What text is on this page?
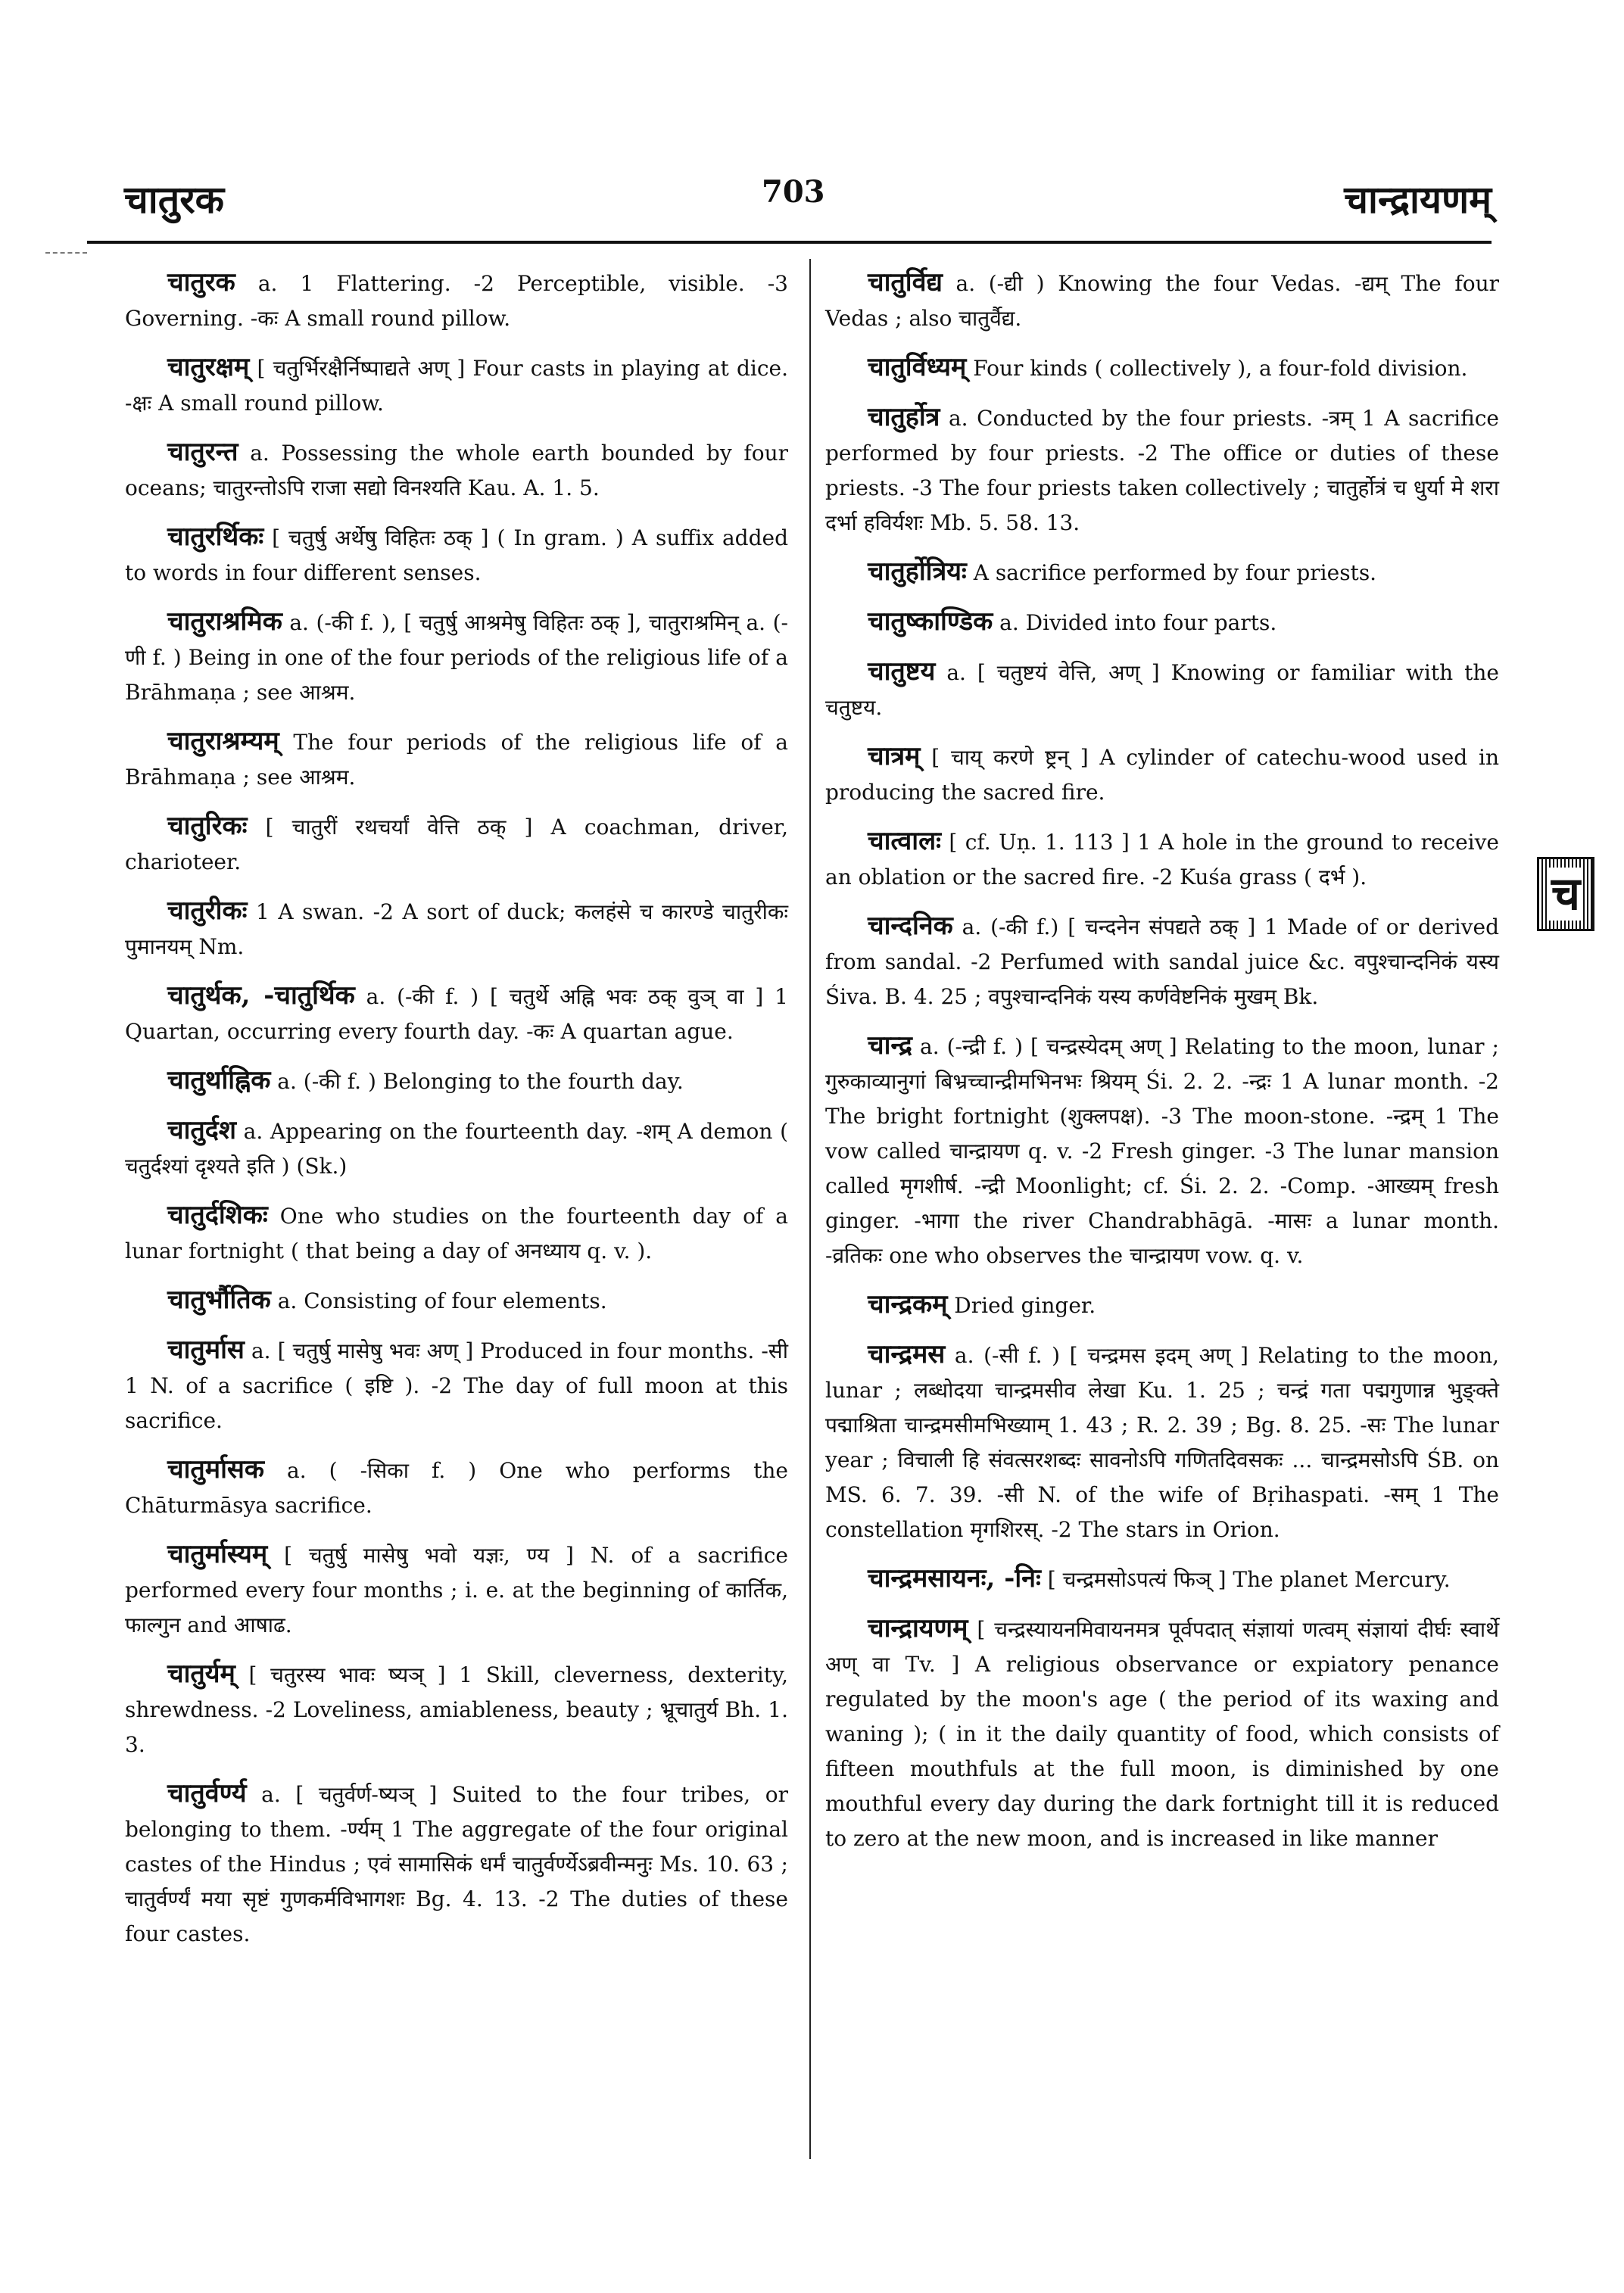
चातुरक	703	चान्द्रायणम्

चातुरक a. 1 Flattering. -2 Perceptible, visible. -3 Governing. -कः A small round pillow.

चातुरक्षम् [ चतुर्भिरक्षैर्निष्पाद्यते अण् ] Four casts in playing at dice. -क्षः A small round pillow.

चातुरन्त a. Possessing the whole earth bounded by four oceans; चातुरन्तोऽपि राजा सद्यो विनश्यति Kau. A. 1. 5.

चातुरर्थिकः [ चतुर्षु अर्थेषु विहितः ठक् ] ( In gram. ) A suffix added to words in four different senses.

चातुराश्रमिक a. (-की f. ), [ चतुर्षु आश्रमेषु विहितः ठक् ], चातुराश्रमिन् a. (-णी f. ) Being in one of the four periods of the religious life of a Brāhmaṇa ; see आश्रम.

चातुराश्रम्यम् The four periods of the religious life of a Brāhmaṇa ; see आश्रम.

चातुरिकः [ चातुरीं रथचर्यां वेत्ति ठक् ] A coachman, driver, charioteer.

चातुरीकः 1 A swan. -2 A sort of duck; कलहंसे च कारण्डे चातुरीकः पुमानयम् Nm.

चातुर्थक, -चातुर्थिक a. (-की f. ) [ चतुर्थे अह्नि भवः ठक् वुञ् वा ] 1 Quartan, occurring every fourth day. -कः A quartan ague.

चातुर्थाह्निक a. (-की f. ) Belonging to the fourth day.

चातुर्दश a. Appearing on the fourteenth day. -शम् A demon ( चतुर्दश्यां दृश्यते इति ) (Sk.)

चातुर्दशिकः One who studies on the fourteenth day of a lunar fortnight ( that being a day of अनध्याय q. v. ).

चातुर्भौतिक a. Consisting of four elements.

चातुर्मास a. [ चतुर्षु मासेषु भवः अण् ] Produced in four months. -सी 1 N. of a sacrifice ( इष्टि ). -2 The day of full moon at this sacrifice.

चातुर्मासक a. ( -सिका f. ) One who performs the Chāturmāsya sacrifice.

चातुर्मास्यम् [ चतुर्षु मासेषु भवो यज्ञः, ण्य ] N. of a sacrifice performed every four months ; i. e. at the beginning of कार्तिक, फाल्गुन and आषाढ.

चातुर्यम् [ चतुरस्य भावः ष्यञ् ] 1 Skill, cleverness, dexterity, shrewdness. -2 Loveliness, amiableness, beauty ; भ्रूचातुर्य Bh. 1. 3.

चातुर्वर्ण्य a. [ चतुर्वर्ण-ष्यञ् ] Suited to the four tribes, or belonging to them. -र्ण्यम् 1 The aggregate of the four original castes of the Hindus ; एवं सामासिकं धर्मं चातुर्वर्ण्येऽब्रवीन्मनुः Ms. 10. 63 ; चातुर्वर्ण्यं मया सृष्टं गुणकर्मविभागशः Bg. 4. 13. -2 The duties of these four castes.

चातुर्विद्य a. (-द्यी ) Knowing the four Vedas. -द्यम् The four Vedas ; also चातुर्वैद्य.

चातुर्विध्यम् Four kinds ( collectively ), a four-fold division.

चातुर्होत्र a. Conducted by the four priests. -त्रम् 1 A sacrifice performed by four priests. -2 The office or duties of these priests. -3 The four priests taken collectively ; चातुर्होत्रं च धुर्या मे शरा दर्भा हविर्यशः Mb. 5. 58. 13.

चातुर्होत्रियः A sacrifice performed by four priests.

चातुष्काण्डिक a. Divided into four parts.

चातुष्टय a. [ चतुष्टयं वेत्ति, अण् ] Knowing or familiar with the चतुष्टय.

चात्रम् [ चाय् करणे ष्ट्रन् ] A cylinder of catechu-wood used in producing the sacred fire.

चात्वालः [ cf. Uṇ. 1. 113 ] 1 A hole in the ground to receive an oblation or the sacred fire. -2 Kuśa grass ( दर्भ ).

चान्दनिक a. (-की f.) [ चन्दनेन संपद्यते ठक् ] 1 Made of or derived from sandal. -2 Perfumed with sandal juice &c. वपुश्चान्दनिकं यस्य Śiva. B. 4. 25 ; वपुश्चान्दनिकं यस्य कर्णवेष्टनिकं मुखम् Bk.

चान्द्र a. (-न्द्री f. ) [ चन्द्रस्येदम् अण् ] Relating to the moon, lunar ; गुरुकाव्यानुगां बिभ्रच्चान्द्रीमभिनभः श्रियम् Śi. 2. 2. -न्द्रः 1 A lunar month. -2 The bright fortnight (शुक्लपक्ष). -3 The moon-stone. -न्द्रम् 1 The vow called चान्द्रायण q. v. -2 Fresh ginger. -3 The lunar mansion called मृगशीर्ष. -न्द्री Moonlight; cf. Śi. 2. 2. -Comp. -आख्यम् fresh ginger. -भागा the river Chandrabhāgā. -मासः a lunar month. -व्रतिकः one who observes the चान्द्रायण vow. q. v.

चान्द्रकम् Dried ginger.

चान्द्रमस a. (-सी f. ) [ चन्द्रमस इदम् अण् ] Relating to the moon, lunar ; लब्धोदया चान्द्रमसीव लेखा Ku. 1. 25 ; चन्द्रं गता पद्मगुणान्न भुङ्क्ते पद्माश्रिता चान्द्रमसीमभिख्याम् 1. 43 ; R. 2. 39 ; Bg. 8. 25. -सः The lunar year ; विचाली हि संवत्सरशब्दः सावनोऽपि गणितदिवसकः ... चान्द्रमसोऽपि ŚB. on MS. 6. 7. 39. -सी N. of the wife of Bṛihaspati. -सम् 1 The constellation मृगशिरस्. -2 The stars in Orion.

चान्द्रमसायनः, -निः [ चन्द्रमसोऽपत्यं फिञ् ] The planet Mercury.

चान्द्रायणम् [ चन्द्रस्यायनमिवायनमत्र पूर्वपदात् संज्ञायां णत्वम् संज्ञायां दीर्घः स्वार्थे अण् वा Tv. ] A religious observance or expiatory penance regulated by the moon's age ( the period of its waxing and waning ); ( in it the daily quantity of food, which consists of fifteen mouthfuls at the full moon, is diminished by one mouthful every day during the dark fortnight till it is reduced to zero at the new moon, and is increased in like manner

च
